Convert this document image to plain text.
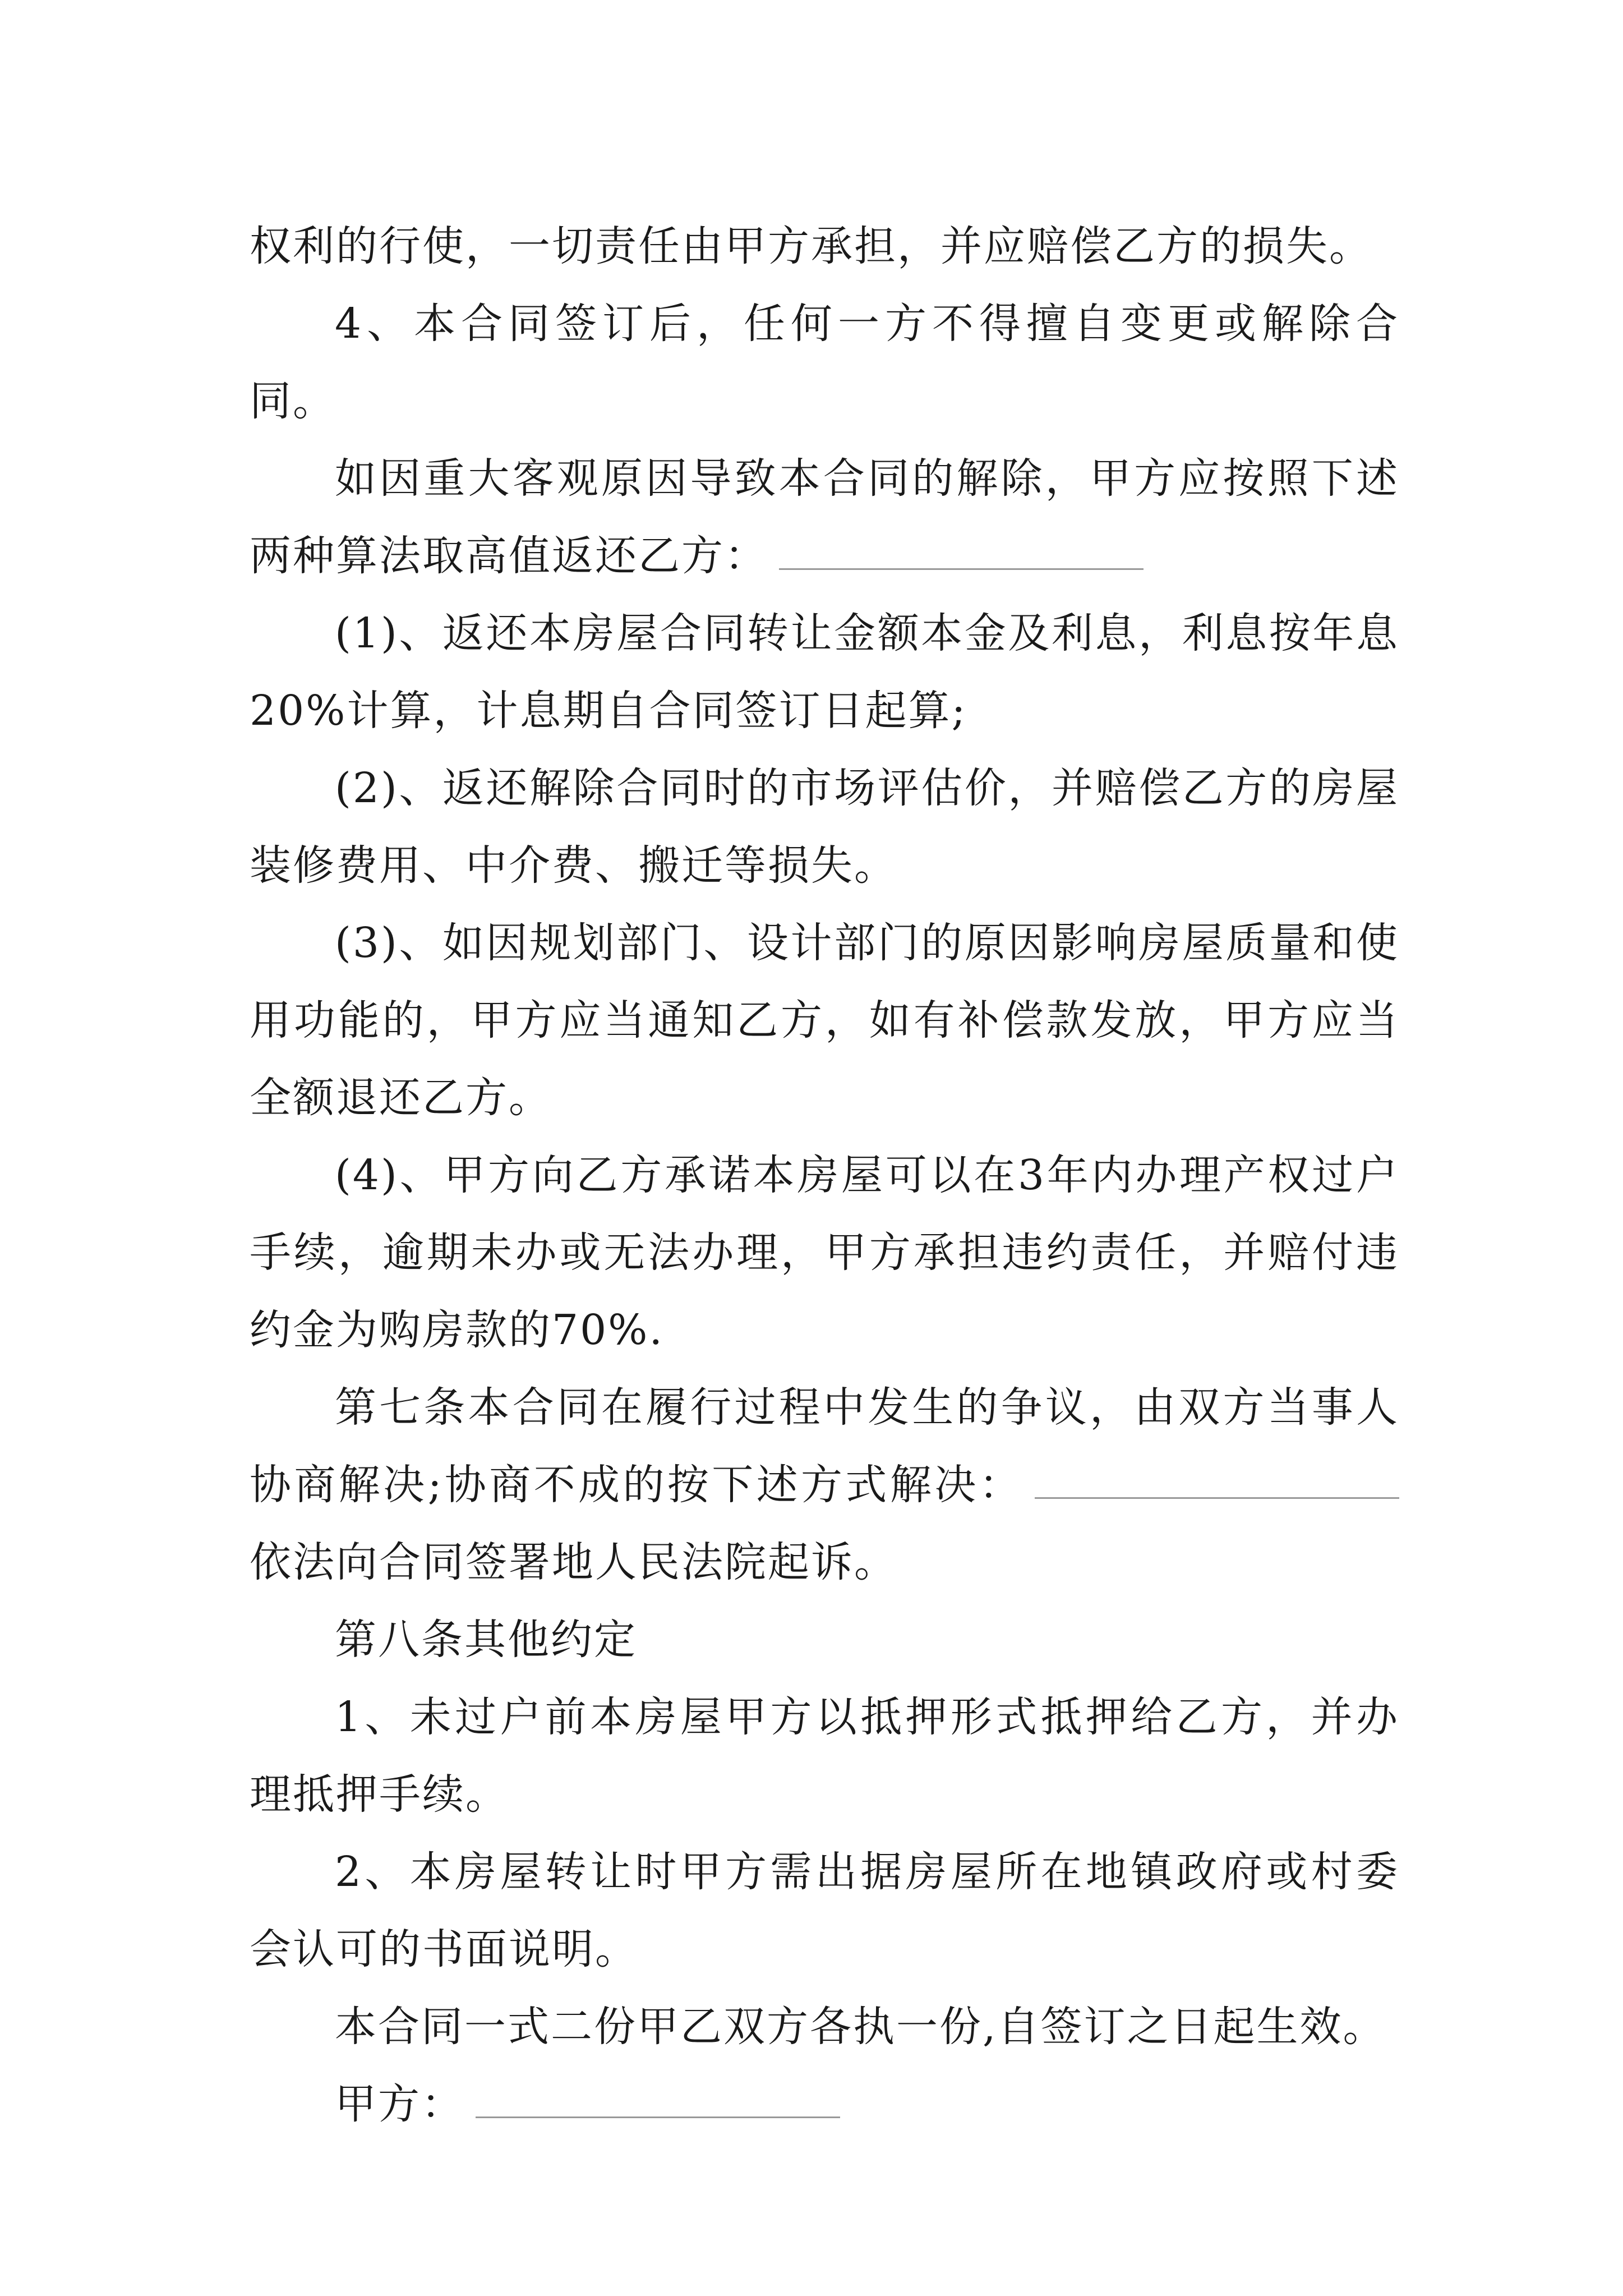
权利的行使，一切责任由甲方承担，并应赔偿乙方的损失。

4、本合同签订后，任何一方不得擅自变更或解除合同。

如因重大客观原因导致本合同的解除，甲方应按照下述两种算法取高值返还乙方：

(1)、返还本房屋合同转让金额本金及利息，利息按年息20%计算，计息期自合同签订日起算;

(2)、返还解除合同时的市场评估价，并赔偿乙方的房屋装修费用、中介费、搬迁等损失。

(3)、如因规划部门、设计部门的原因影响房屋质量和使用功能的，甲方应当通知乙方，如有补偿款发放，甲方应当全额退还乙方。

(4)、甲方向乙方承诺本房屋可以在3年内办理产权过户手续，逾期未办或无法办理，甲方承担违约责任，并赔付违约金为购房款的70%.

第七条本合同在履行过程中发生的争议，由双方当事人协商解决;协商不成的按下述方式解决：依法向合同签署地人民法院起诉。

第八条其他约定

1、未过户前本房屋甲方以抵押形式抵押给乙方，并办理抵押手续。

2、本房屋转让时甲方需出据房屋所在地镇政府或村委会认可的书面说明。

本合同一式二份甲乙双方各执一份,自签订之日起生效。

甲方：
